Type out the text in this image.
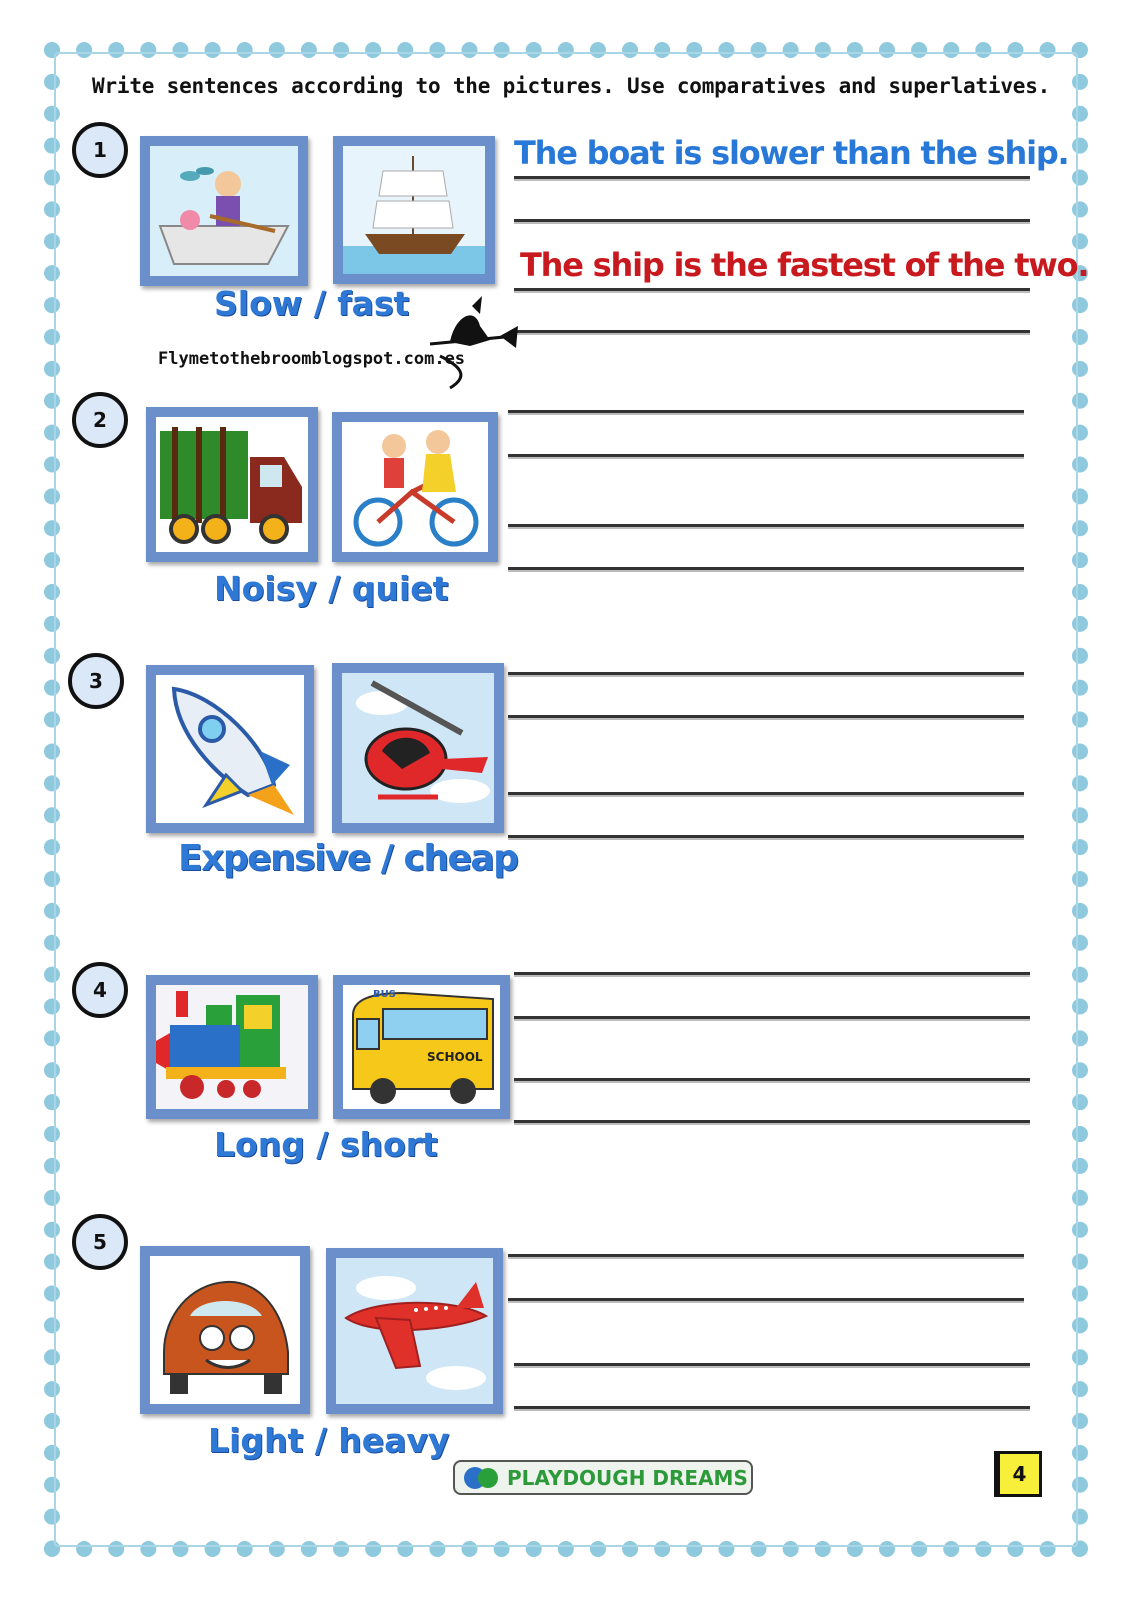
Write sentences according to the pictures. Use comparatives and superlatives.
1
Slow / fast
The boat is slower than the ship.
The ship is the fastest of the two.
Flymetothebroomblogspot.com.es
2
Noisy / quiet
3
Expensive / cheap
4	BUS
SCHOOL
Long / short
5
Light / heavy
PLAYDOUGH DREAMS	4
